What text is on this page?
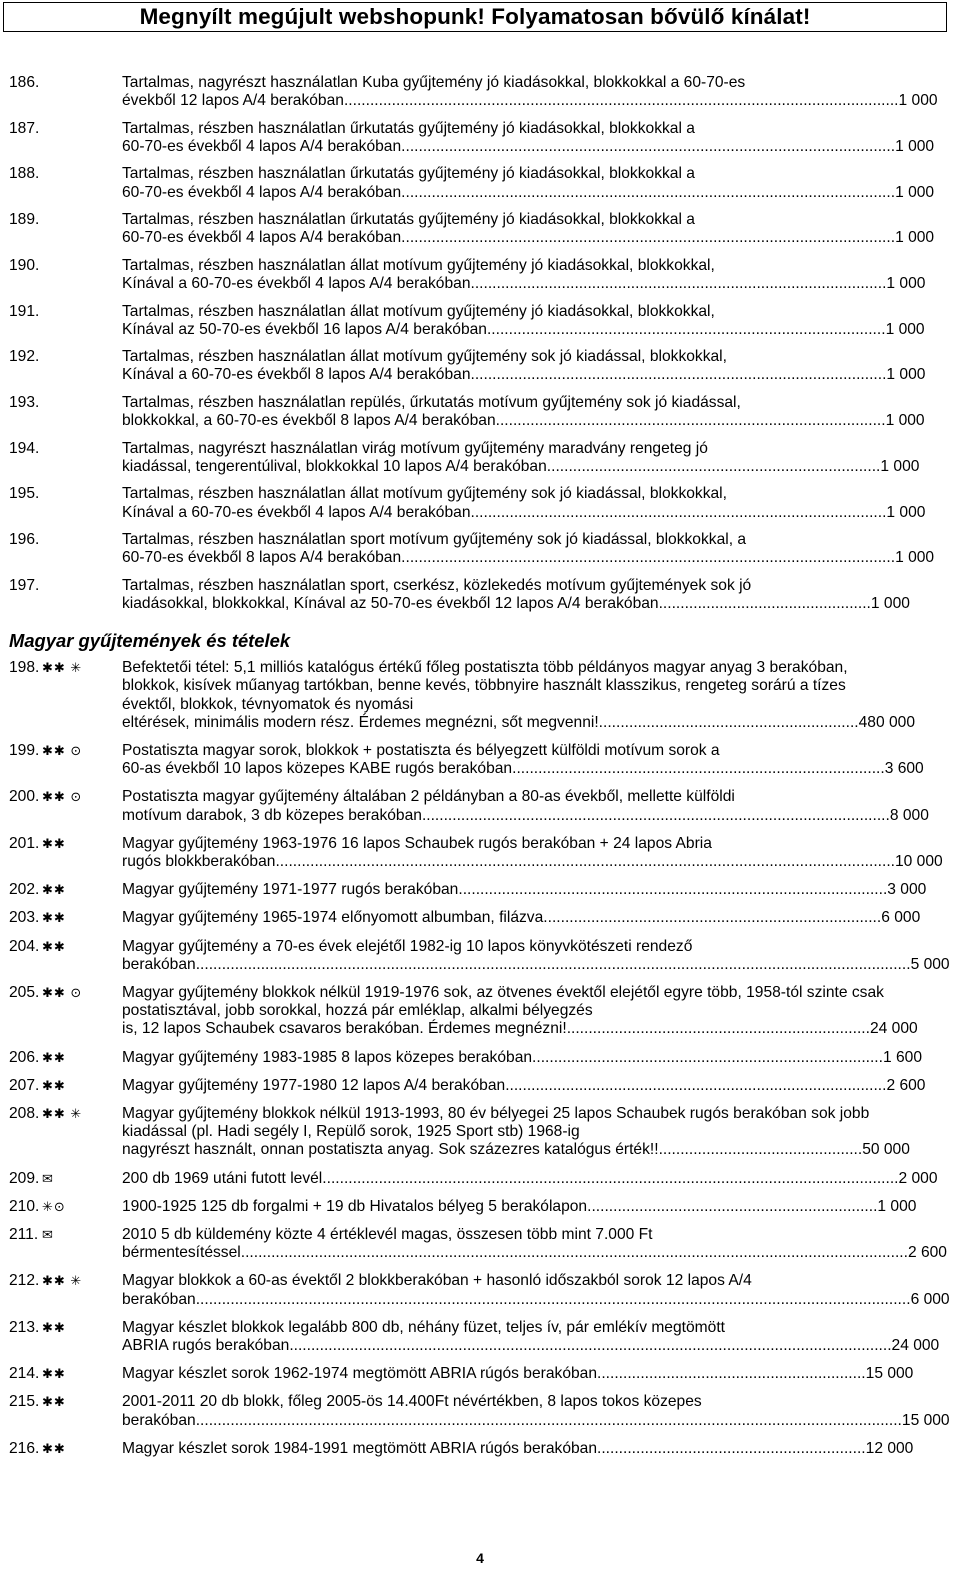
Megnyílt megújult webshopunk! Folyamatosan bővülő kínálat!
186.	Tartalmas, nagyrészt használatlan Kuba gyűjtemény jó kiadásokkal, blokkokkal a 60-70-es
évekből 12 lapos A/4 berakóban................................................................................................................................1 000
187.	Tartalmas, részben használatlan űrkutatás gyűjtemény jó kiadásokkal, blokkokkal a
60-70-es évekből 4 lapos A/4 berakóban..................................................................................................................1 000
188.	Tartalmas, részben használatlan űrkutatás gyűjtemény jó kiadásokkal, blokkokkal a
60-70-es évekből 4 lapos A/4 berakóban..................................................................................................................1 000
189.	Tartalmas, részben használatlan űrkutatás gyűjtemény jó kiadásokkal, blokkokkal a
60-70-es évekből 4 lapos A/4 berakóban..................................................................................................................1 000
190.	Tartalmas, részben használatlan állat motívum gyűjtemény jó kiadásokkal, blokkokkal,
Kínával a 60-70-es évekből 4 lapos A/4 berakóban................................................................................................1 000
191.	Tartalmas, részben használatlan állat motívum gyűjtemény jó kiadásokkal, blokkokkal,
Kínával az 50-70-es évekből 16 lapos A/4 berakóban............................................................................................1 000
192.	Tartalmas, részben használatlan állat motívum gyűjtemény sok jó kiadással, blokkokkal,
Kínával a 60-70-es évekből 8 lapos A/4 berakóban................................................................................................1 000
193.	Tartalmas, részben használatlan repülés, űrkutatás motívum gyűjtemény sok jó kiadással,
blokkokkal, a 60-70-es évekből 8 lapos A/4 berakóban..........................................................................................1 000
194.	Tartalmas, nagyrészt használatlan virág motívum gyűjtemény maradvány rengeteg jó
kiadással, tengerentúlival, blokkokkal 10 lapos A/4 berakóban.............................................................................1 000
195.	Tartalmas, részben használatlan állat motívum gyűjtemény sok jó kiadással, blokkokkal,
Kínával a 60-70-es évekből 4 lapos A/4 berakóban................................................................................................1 000
196.	Tartalmas, részben használatlan sport motívum gyűjtemény sok jó kiadással, blokkokkal, a
60-70-es évekből 8 lapos A/4 berakóban..................................................................................................................1 000
197.	Tartalmas, részben használatlan sport, cserkész, közlekedés motívum gyűjtemények sok jó
kiadásokkal, blokkokkal, Kínával az 50-70-es évekből 12 lapos A/4 berakóban.................................................1 000
Magyar gyűjtemények és tételek
198. ✱✱ ✳	Befektetői tétel: 5,1 milliós katalógus értékű főleg postatiszta több példányos magyar anyag 3 berakóban, blokkok, kisívek műanyag tartókban, benne kevés, többnyire használt klasszikus, rengeteg sorárú a tízes évektől, blokkok, tévnyomatok és nyomási
eltérések, minimális modern rész. Érdemes megnézni, sőt megvenni!............................................................480 000
199. ✱✱ ⊙	Postatiszta magyar sorok, blokkok + postatiszta és bélyegzett külföldi motívum sorok a
60-as évekből 10 lapos közepes KABE rugós berakóban......................................................................................3 600
200. ✱✱ ⊙	Postatiszta magyar gyűjtemény általában 2 példányban a 80-as évekből, mellette külföldi
motívum darabok, 3 db közepes berakóban............................................................................................................8 000
201. ✱✱	Magyar gyűjtemény 1963-1976 16 lapos Schaubek rugós berakóban + 24 lapos Abria
rugós blokkberakóban...............................................................................................................................................10 000
202. ✱✱	Magyar gyűjtemény 1971-1977 rugós berakóban...................................................................................................3 000
203. ✱✱	Magyar gyűjtemény 1965-1974 előnyomott albumban, filázva..............................................................................6 000
204. ✱✱	Magyar gyűjtemény a 70-es évek elejétől 1982-ig 10 lapos könyvkötészeti rendező
berakóban.....................................................................................................................................................................5 000
205. ✱✱ ⊙	Magyar gyűjtemény blokkok nélkül 1919-1976 sok, az ötvenes évektől elejétől egyre több, 1958-tól szinte csak postatisztával, jobb sorokkal, hozzá pár emléklap, alkalmi bélyegzés
is, 12 lapos Schaubek csavaros berakóban. Érdemes megnézni!......................................................................24 000
206. ✱✱	Magyar gyűjtemény 1983-1985 8 lapos közepes berakóban.................................................................................1 600
207. ✱✱	Magyar gyűjtemény 1977-1980 12 lapos A/4 berakóban........................................................................................2 600
208. ✱✱ ✳	Magyar gyűjtemény blokkok nélkül 1913-1993, 80 év bélyegei 25 lapos Schaubek rugós berakóban sok jobb kiadással (pl. Hadi segély I, Repülő sorok, 1925 Sport stb) 1968-ig
nagyrészt használt, onnan postatiszta anyag. Sok százezres katalógus érték!!...............................................50 000
209. ✉	200 db 1969 utáni futott levél.....................................................................................................................................2 000
210. ✳⊙	1900-1925 125 db forgalmi + 19 db Hivatalos bélyeg 5 berakólapon...................................................................1 000
211. ✉	2010 5 db küldemény közte 4 értéklevél magas, összesen több mint 7.000 Ft
bérmentesítéssel..........................................................................................................................................................2 600
212. ✱✱ ✳	Magyar blokkok a 60-as évektől 2 blokkberakóban + hasonló időszakból sorok 12 lapos A/4
berakóban.....................................................................................................................................................................6 000
213. ✱✱	Magyar készlet blokkok legalább 800 db, néhány füzet, teljes ív, pár emlékív megtömött
ABRIA rugós berakóban...........................................................................................................................................24 000
214. ✱✱	Magyar készlet sorok 1962-1974 megtömött ABRIA rúgós berakóban..............................................................15 000
215. ✱✱	2001-2011 20 db blokk, főleg 2005-ös 14.400Ft névértékben, 8 lapos tokos közepes
berakóban...................................................................................................................................................................15 000
216. ✱✱	Magyar készlet sorok 1984-1991 megtömött ABRIA rúgós berakóban..............................................................12 000
4
